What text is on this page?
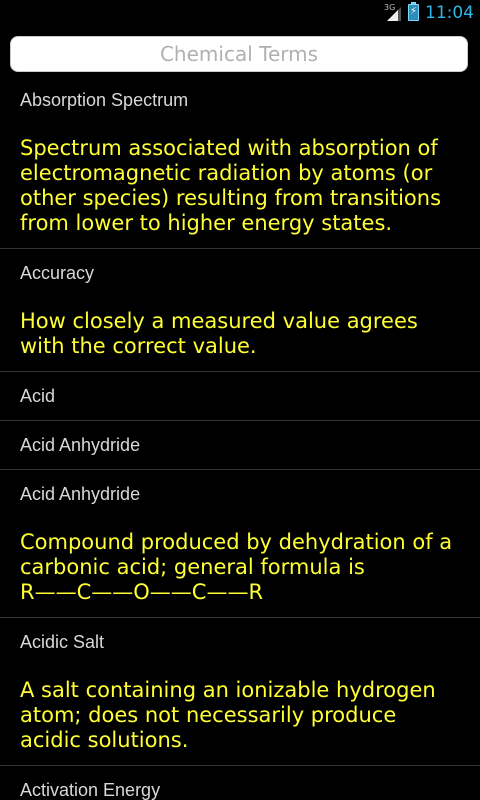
3G ⚡ 11:04
Chemical Terms
Absorption Spectrum
Spectrum associated with absorption of electromagnetic radiation by atoms (or other species) resulting from transitions from lower to higher energy states.
Accuracy
How closely a measured value agrees with the correct value.
Acid
Acid Anhydride
Acid Anhydride
Compound produced by dehydration of a carbonic acid; general formula is
R——C——O——C——R
Acidic Salt
A salt containing an ionizable hydrogen atom; does not necessarily produce acidic solutions.
Activation Energy
